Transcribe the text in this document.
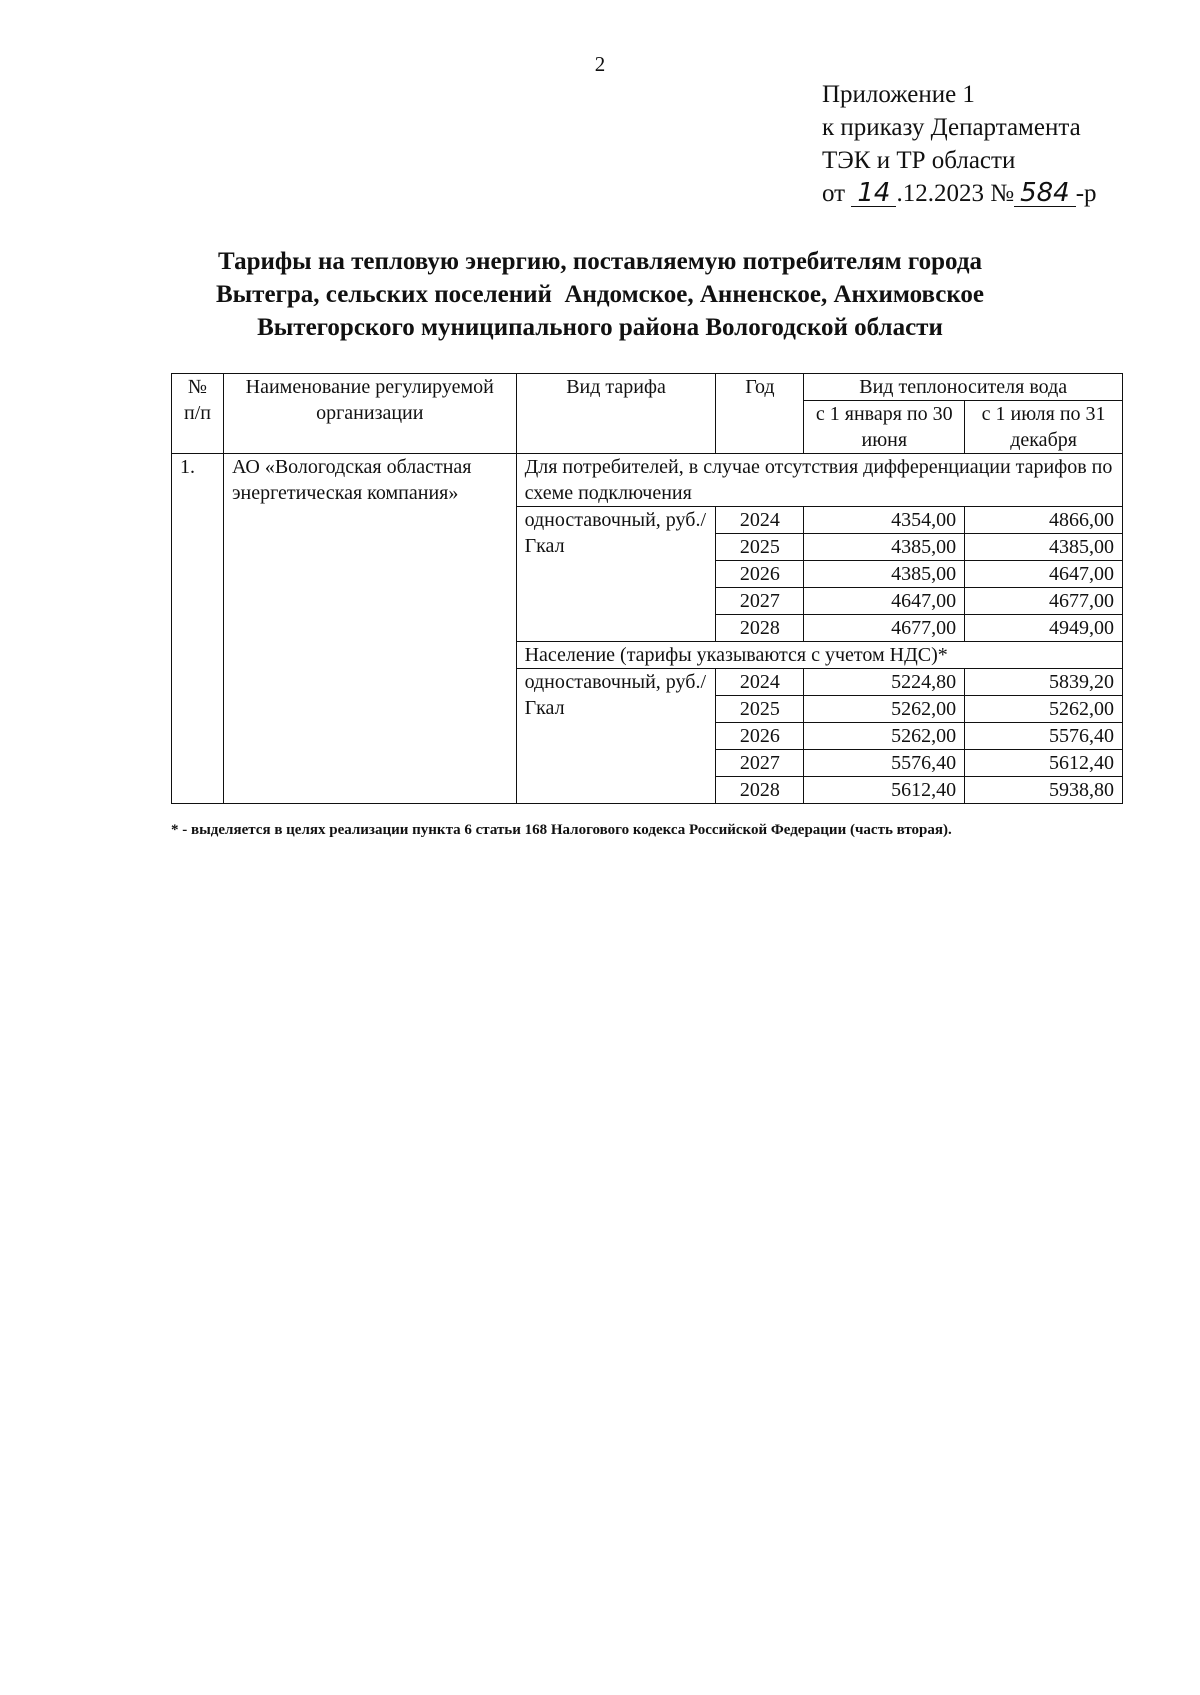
2
Приложение 1
к приказу Департамента
ТЭК и ТР области
от 14 .12.2023 № 584 -р
Тарифы на тепловую энергию, поставляемую потребителям города
Вытегра, сельских поселений  Андомское, Анненское, Анхимовское
Вытегорского муниципального района Вологодской области
№ п/п	Наименование регулируемой организации	Вид тарифа	Год	Вид теплоносителя вода	
				с 1 января по 30 июня	с 1 июля по 31 декабря
1.	АО «Вологодская областная энергетическая компания»	Для потребителей, в случае отсутствия дифференциации тарифов по схеме подключения			
		одноставочный, руб./Гкал	2024	4354,00	4866,00
			2025	4385,00	4385,00
			2026	4385,00	4647,00
			2027	4647,00	4677,00
			2028	4677,00	4949,00
		Население (тарифы указываются с учетом НДС)*			
		одноставочный, руб./Гкал	2024	5224,80	5839,20
			2025	5262,00	5262,00
			2026	5262,00	5576,40
			2027	5576,40	5612,40
			2028	5612,40	5938,80
* - выделяется в целях реализации пункта 6 статьи 168 Налогового кодекса Российской Федерации (часть вторая).
